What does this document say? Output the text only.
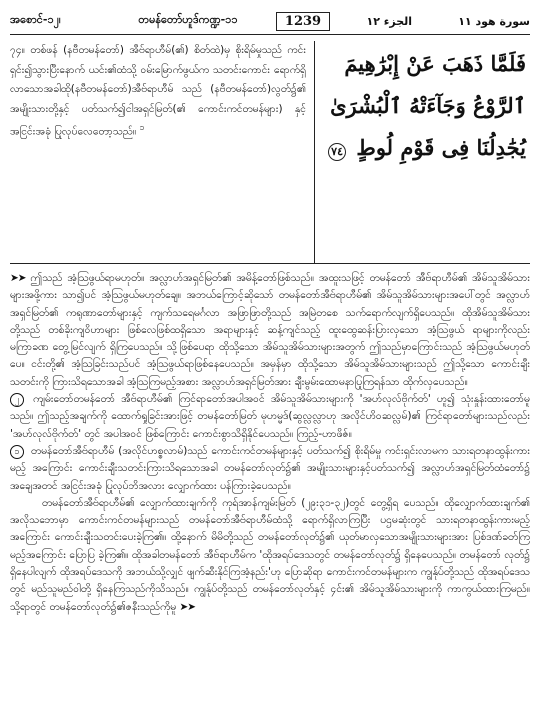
အစောင်-၁၂၊	တမန်တော်ဟူဒ်ကဏ္ဍ-၁၁	1239	الجزء ١٢	سورة هود ١١
၇၄။ တစ်ဖန် (နဗီတမန်တော်) အီဗ်ရာဟီမ်(၏) စိတ်ထဲ)မှ စိုးရိမ်မှုသည် ကင်းရှင်း၍သွားပြီးနောက် ယင်း၏ထံသို့ ဝမ်းမြောက်ဖွယ်က သတင်းကောင်း ရောက်ရှိလာသောအခါထို(နဗီတမန်တော်)အီဗ်ရာဟီမ် သည် (နဗီတမန်တော်)လွတ်၌၏ အမျိုးသားတို့နှင့် ပတ်သက်၍ငါအရှင်မြတ်(၏ ကောင်းကင်တမန်များ) နှင့် အငြင်းအခုံ ပြုလုပ်လေတော့သည်။ $^၁$
فَلَمَّا ذَهَبَ عَنْ إِبْرَٰهِيمَ ٱلرَّوْعُ وَجَآءَتْهُ ٱلْبُشْرَىٰ يُجَٰدِلُنَا فِى قَوْمِ لُوطٍ ٧٤

➤➤ ဤသည် အံ့သြဖွယ်ရာမဟုတ်။ အလ္လာဟ်အရှင်မြတ်၏ အမိန့်တော်ဖြစ်သည်။ အထူးသဖြင့် တမန်တော် အီဗ်ရာဟီမ်၏ အိမ်သူအိမ်သားများအဖို့ကား သာ၍ပင် အံ့သြဖွယ်မဟုတ်ချေ။ အဘယ်ကြောင့်ဆိုသော် တမန်တော်အီဗ်ရာဟီမ်၏ အိမ်သူအိမ်သားများအပေါ်တွင် အလ္လာဟ်အရှင်မြတ်၏ ကရုဏာတော်များနှင့် ကျက်သရေမင်္ဂလာ အဖြာဖြာတို့သည် အမြဲတစေ သက်ရောက်လျက်ရှိပေသည်။ ထိုအိမ်သူအိမ်သားတို့သည် တစ်ခိုးကျဝိဟာများ ဖြစ်လေဖြစ်ထရှိသော အရာများနှင့် ဆန့်ကျင်သည့် ထူးထွေဆန်းပြားလှသော အံ့သြဖွယ် ရာများကိုလည်း မကြာခဏ တွေ့မြင်လျက် ရှိကြပေသည်။ သို့ဖြစ်ပေရာ ထိုသို့သော အိမ်သူအိမ်သားများအတွက် ဤသည်မှာကြောင်းသည် အံ့သြဖွယ်မဟုတ်ပေ။ ငင်းတို့၏ အံ့သြခြင်းသည်ပင် အံ့သြဖွယ်ရာဖြစ်နေပေသည်။ အမှန်မှာ ထိုသို့သော အိမ်သူအိမ်သားများသည် ဤသို့သော ကောင်းချီးသတင်းကို ကြားသိရသောအခါ အံ့သြကြမည့်အစား အလ္လာဟ်အရှင်မြတ်အား ချီးမွမ်းထောမနာပြုကြရန်သာ ထိုက်လှပေသည်။

၂ ကျမ်းတော်တမန်တော် အီဗ်ရာဟီမ်၏ ကြင်ရာတော်အပါအဝင် အိမ်သူအိမ်သားများကို 'အဟ်လုလ်ဗိုက်တ်' ဟူ၍ သုံးနှုန်းထားတော်မူသည်။ ဤသည့်အချက်ကို ထောက်ရှုခြင်းအားဖြင့် တမန်တော်မြတ် မုဟမ္မဒ်(ဆွလ္လလ္လာဟု အလိုင်ဟိဝဆလ္လမ်)၏ ကြင်ရာတော်များသည်လည်း 'အဟ်လုလ်ဗိုက်တ်' တွင် အပါအဝင် ဖြစ်ကြောင်း ကောင်းစွာသိရှိနိုင်ပေသည်။ ကြည့်-ဟာဖိဇ်။

၁ တမန်တော်အီဗ်ရာဟီမ် (အလိုင်ဟစ္စလာမ်)သည် ကောင်းကင်တမန်များနှင့် ပတ်သက်၍ စိုးရိမ်မှု ကင်းရှင်းလာမက သားရတနာထွန်းကားမည့် အကြောင်း ကောင်းချီးသတင်းကြားသိရသောအခါ တမန်တော်လုတ်၌၏ အမျိုးသားများနှင့်ပတ်သက်၍ အလ္လာဟ်အရှင်မြတ်ထံတော်၌ အချေအတင် အငြင်းအခုံ ပြုလုပ်ဘိအလား လျှောက်ထား ပန်ကြားခဲ့ပေသည်။

တမန်တော်အီဗ်ရာဟီမ်၏ လျှောက်ထားချက်ကို ကုရ်အာန်ကျမ်းမြတ် (၂၉း၃၁-၃၂)တွင် တွေ့ရှိရ ပေသည်။ ထိုလျှောက်ထားချက်၏ အလိုသဘောမှာ ကောင်းကင်တမန်များသည် တမန်တော်အီဗ်ရာဟီမ်ထံသို့ ရောက်ရှိလာကြပြီး ပဌမဆုံးတွင် သားရတနာထွန်းကားမည့်အကြောင်း ကောင်းချီးသတင်းပေးခဲ့ကြ၏။ ထို့နောက် မိမိတို့သည် တမန်တော်လုတ်၌၏ ယုတ်မာလှသောအမျိုးသားများအား ပြစ်ဒဏ်ခတ်ကြမည့်အကြောင်း ပြောပြ ခဲ့ကြ၏။ ထိုအခါတမန်တော် အီဗ်ရာဟီမ်က 'ထိုအရပ်ဒေသတွင် တမန်တော်လုတ်၌ ရှိနေပေသည်။ တမန်တော် လုတ်၌ ရှိနေပါလျက် ထိုအရပ်ဒေသကို အဘယ်သို့လျှင် ဖျက်ဆီးနိုင်ကြအံ့နည်း'ဟု ပြောဆိုရာ ကောင်းကင်တမန်များက ကျွန်ုပ်တို့သည် ထိုအရပ်ဒေသတွင် မည်သူမည်ဝါတို့ ရှိနေကြသည်ကိုသိသည်။ ကျွန်ုပ်တို့သည် တမန်တော်လုတ်နှင့် ၄င်း၏ အိမ်သူအိမ်သားများကို ကာကွယ်ထားကြမည်။ သို့ရာတွင် တမန်တော်လုတ်၌၏ဇနီးသည်ကိုမူ ➤➤
